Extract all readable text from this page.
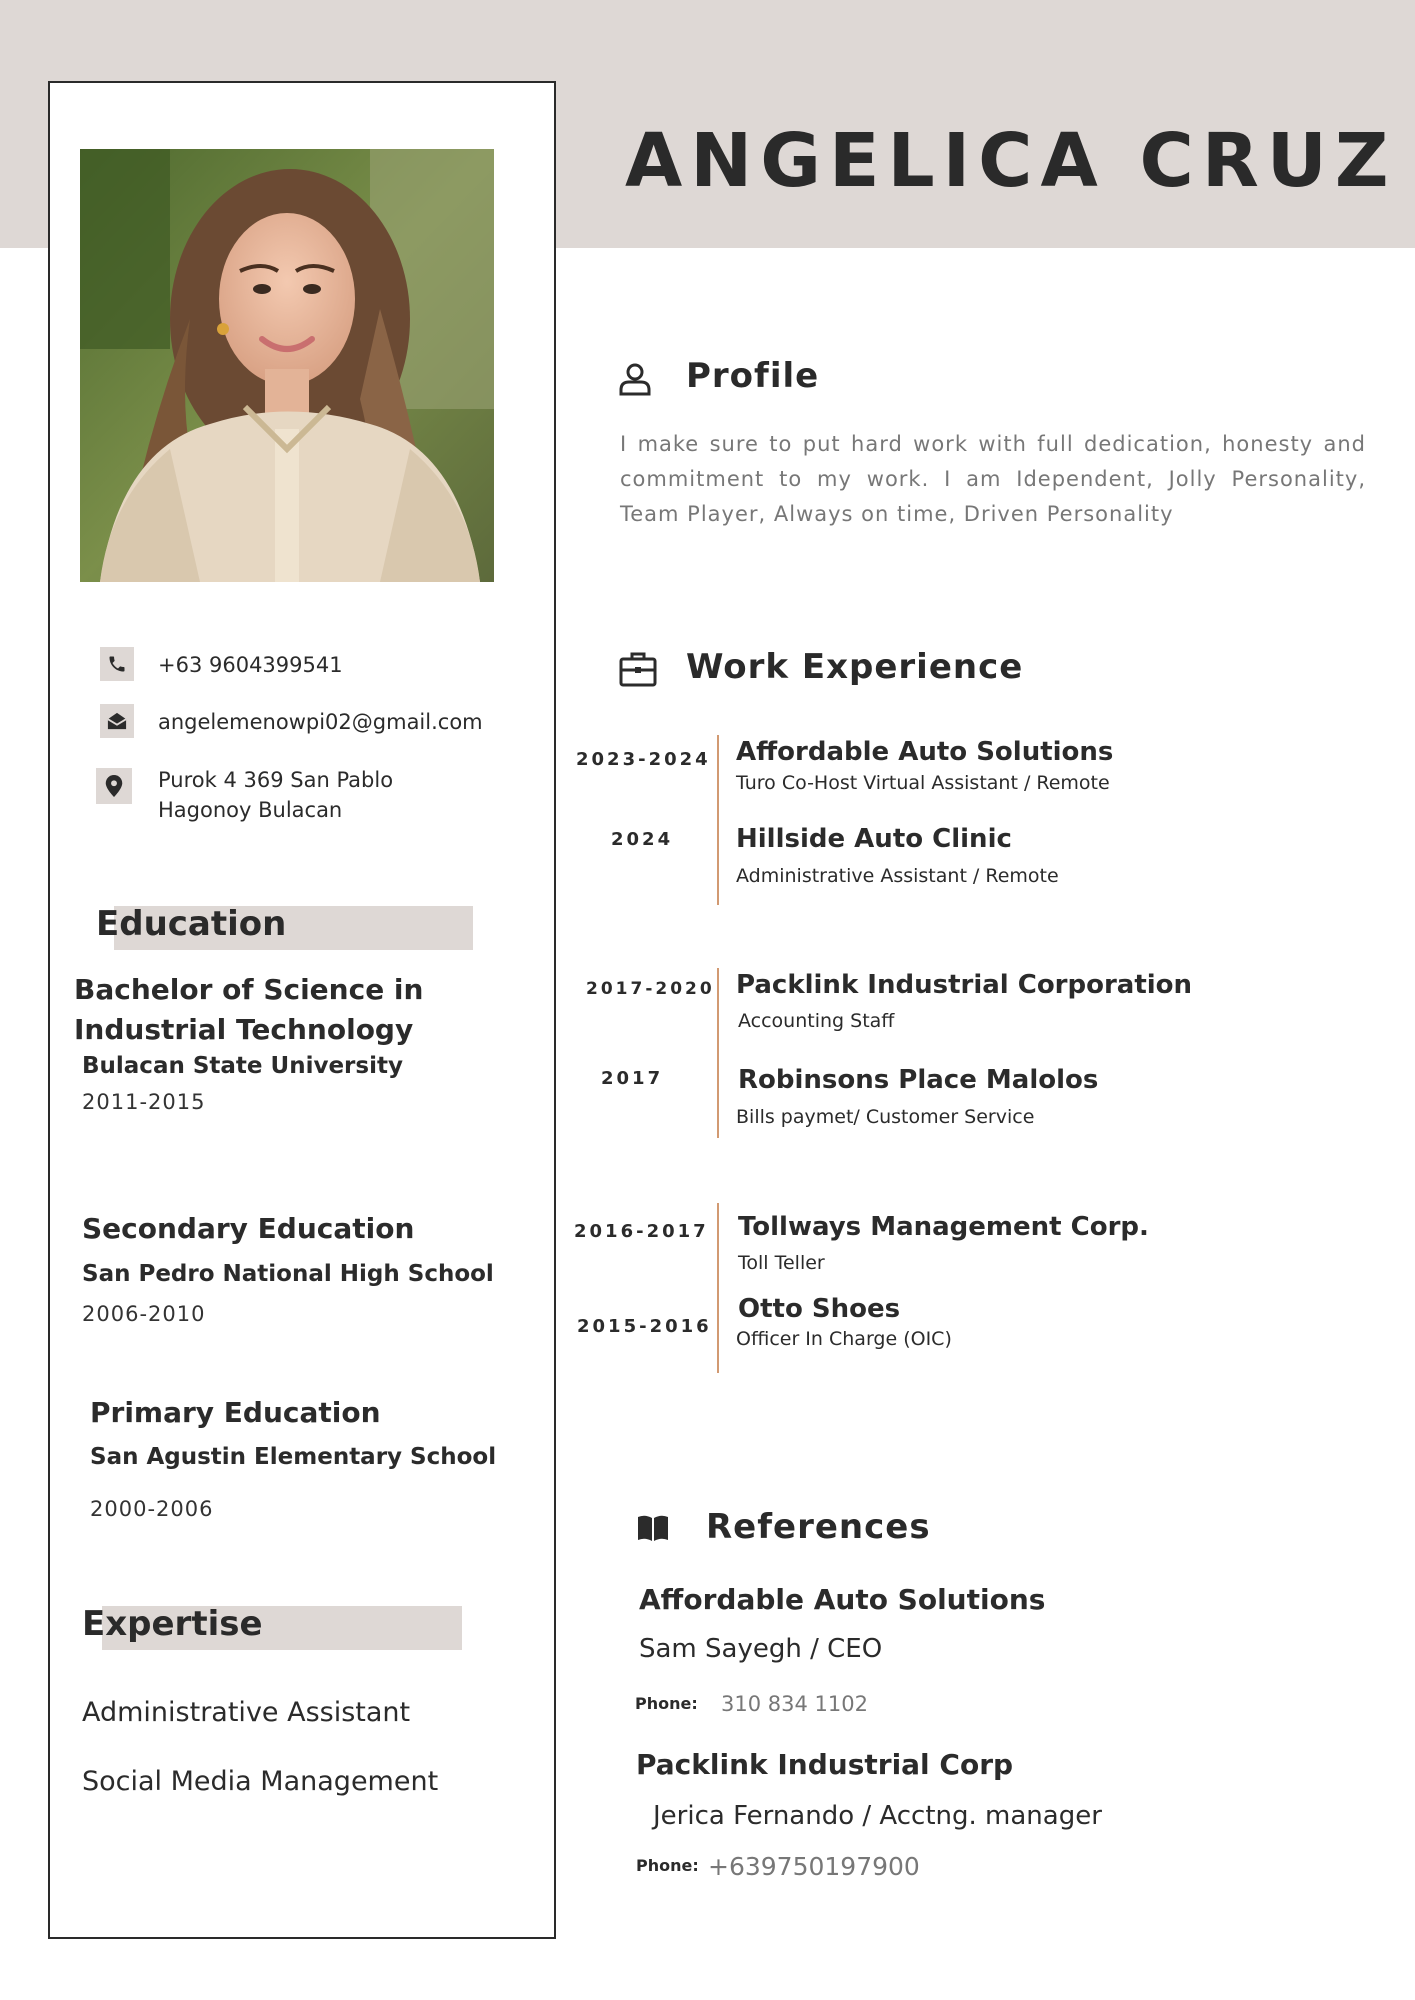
ANGELICA CRUZ
+63 9604399541
angelemenowpi02@gmail.com
Purok 4 369 San Pablo
Hagonoy Bulacan
Education
Bachelor of Science in
Industrial Technology
Bulacan State University
2011-2015
Secondary Education
San Pedro National High School
2006-2010
Primary Education
San Agustin Elementary School
2000-2006
Expertise
Administrative Assistant
Social Media Management
Profile
I make sure to put hard work with full dedication, honesty and commitment to my work. I am Idependent, Jolly Personality, Team Player, Always on time, Driven Personality
Work Experience
2023-2024 Affordable Auto Solutions
Turo Co-Host Virtual Assistant / Remote
2024 Hillside Auto Clinic
Administrative Assistant / Remote
2017-2020 Packlink Industrial Corporation
Accounting Staff
2017	Robinsons Place Malolos
Bills paymet/ Customer Service
2016-2017 Tollways Management Corp.
Toll Teller
2015-2016
Otto Shoes
Officer In Charge (OIC)
References
Affordable Auto Solutions
Sam Sayegh / CEO
Phone: 310 834 1102
Packlink Industrial Corp
Jerica Fernando / Acctng. manager
Phone: +639750197900
